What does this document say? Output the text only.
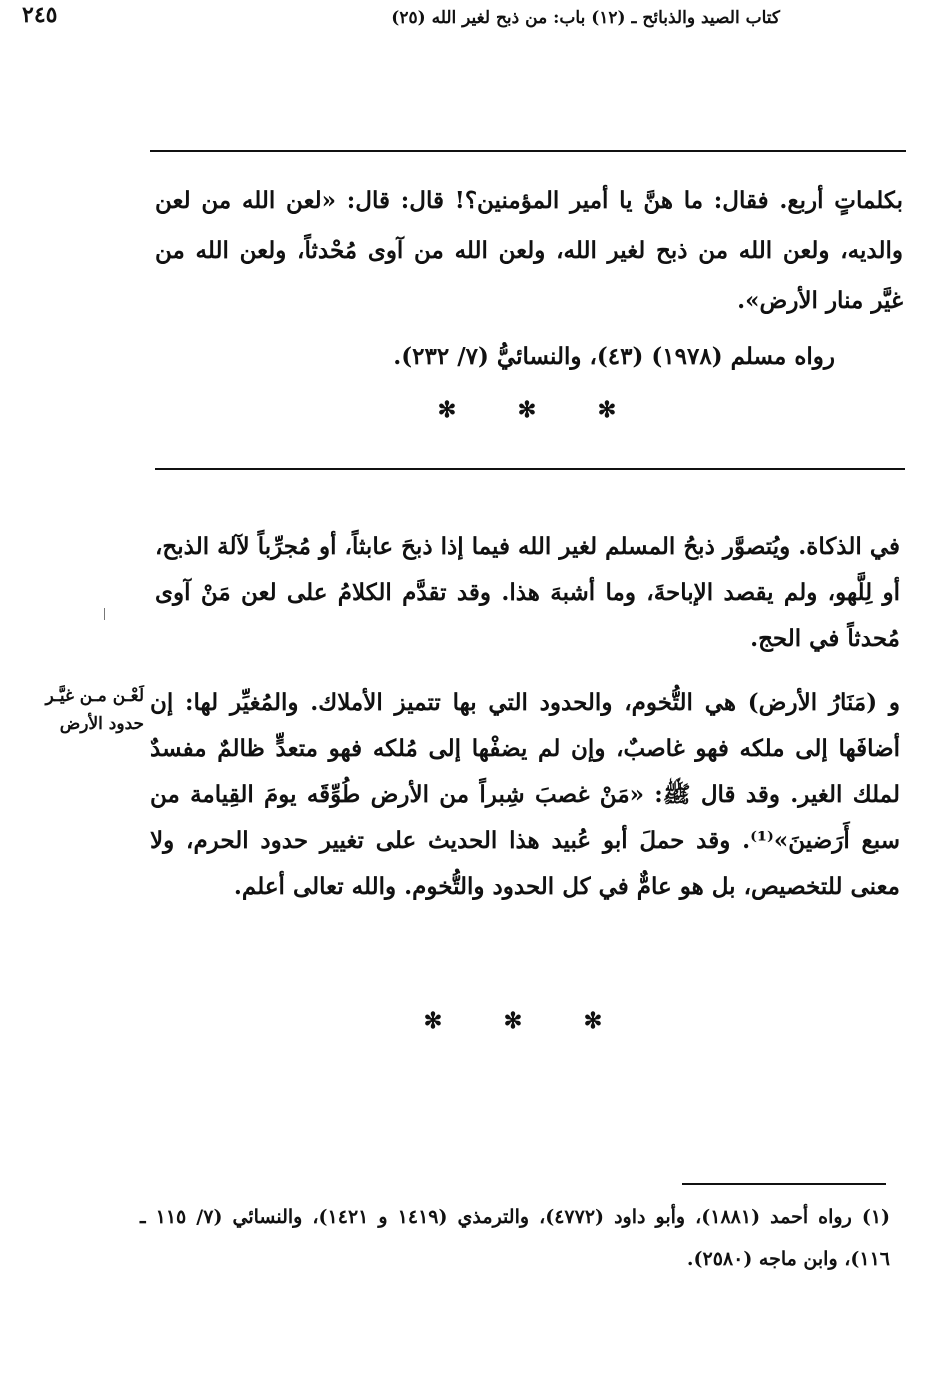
(٢٥) كتاب الصيد والذبائح ـ (١٢) باب: من ذبح لغير الله
٢٤٥
بكلماتٍ أربع. فقال: ما هنَّ يا أمير المؤمنين؟! قال: قال: «لعن الله من لعن والديه، ولعن الله من ذبح لغير الله، ولعن الله من آوى مُحْدثاً، ولعن الله من غيَّر منار الأرض».
رواه مسلم (١٩٧٨) (٤٣)، والنسائيُّ (٧/ ٢٣٢).
✻	✻	✻
في الذكاة. ويُتصوَّر ذبحُ المسلم لغير الله فيما إذا ذبحَ عابثاً، أو مُجرِّباً لآلة الذبح، أو لِلَّهو، ولم يقصد الإباحةَ، وما أشبهَ هذا. وقد تقدَّم الكلامُ على لعن مَنْ آوى مُحدثاً في الحج.
و (مَنَارُ الأرض) هي التُّخوم، والحدود التي بها تتميز الأملاك. والمُغيِّر لها: إن أضافَها إلى ملكه فهو غاصبٌ، وإن لم يضفْها إلى مُلكه فهو متعدٍّ ظالمٌ مفسدٌ لملك الغير. وقد قال ﷺ: «مَنْ غصبَ شِبراً من الأرض طُوِّقَه يومَ القِيامة من سبع أَرَضينَ»⁽¹⁾. وقد حملَ أبو عُبيد هذا الحديث على تغيير حدود الحرم، ولا معنى للتخصيص، بل هو عامٌّ في كل الحدود والتُّخوم. والله تعالى أعلم.
لَعْـن مـن غيَّـر حدود الأرض
✻	✻	✻
(١) رواه أحمد (١٨٨١)، وأبو داود (٤٧٧٢)، والترمذي (١٤١٩ و ١٤٢١)، والنسائي (٧/ ١١٥ ـ ١١٦)، وابن ماجه (٢٥٨٠).
